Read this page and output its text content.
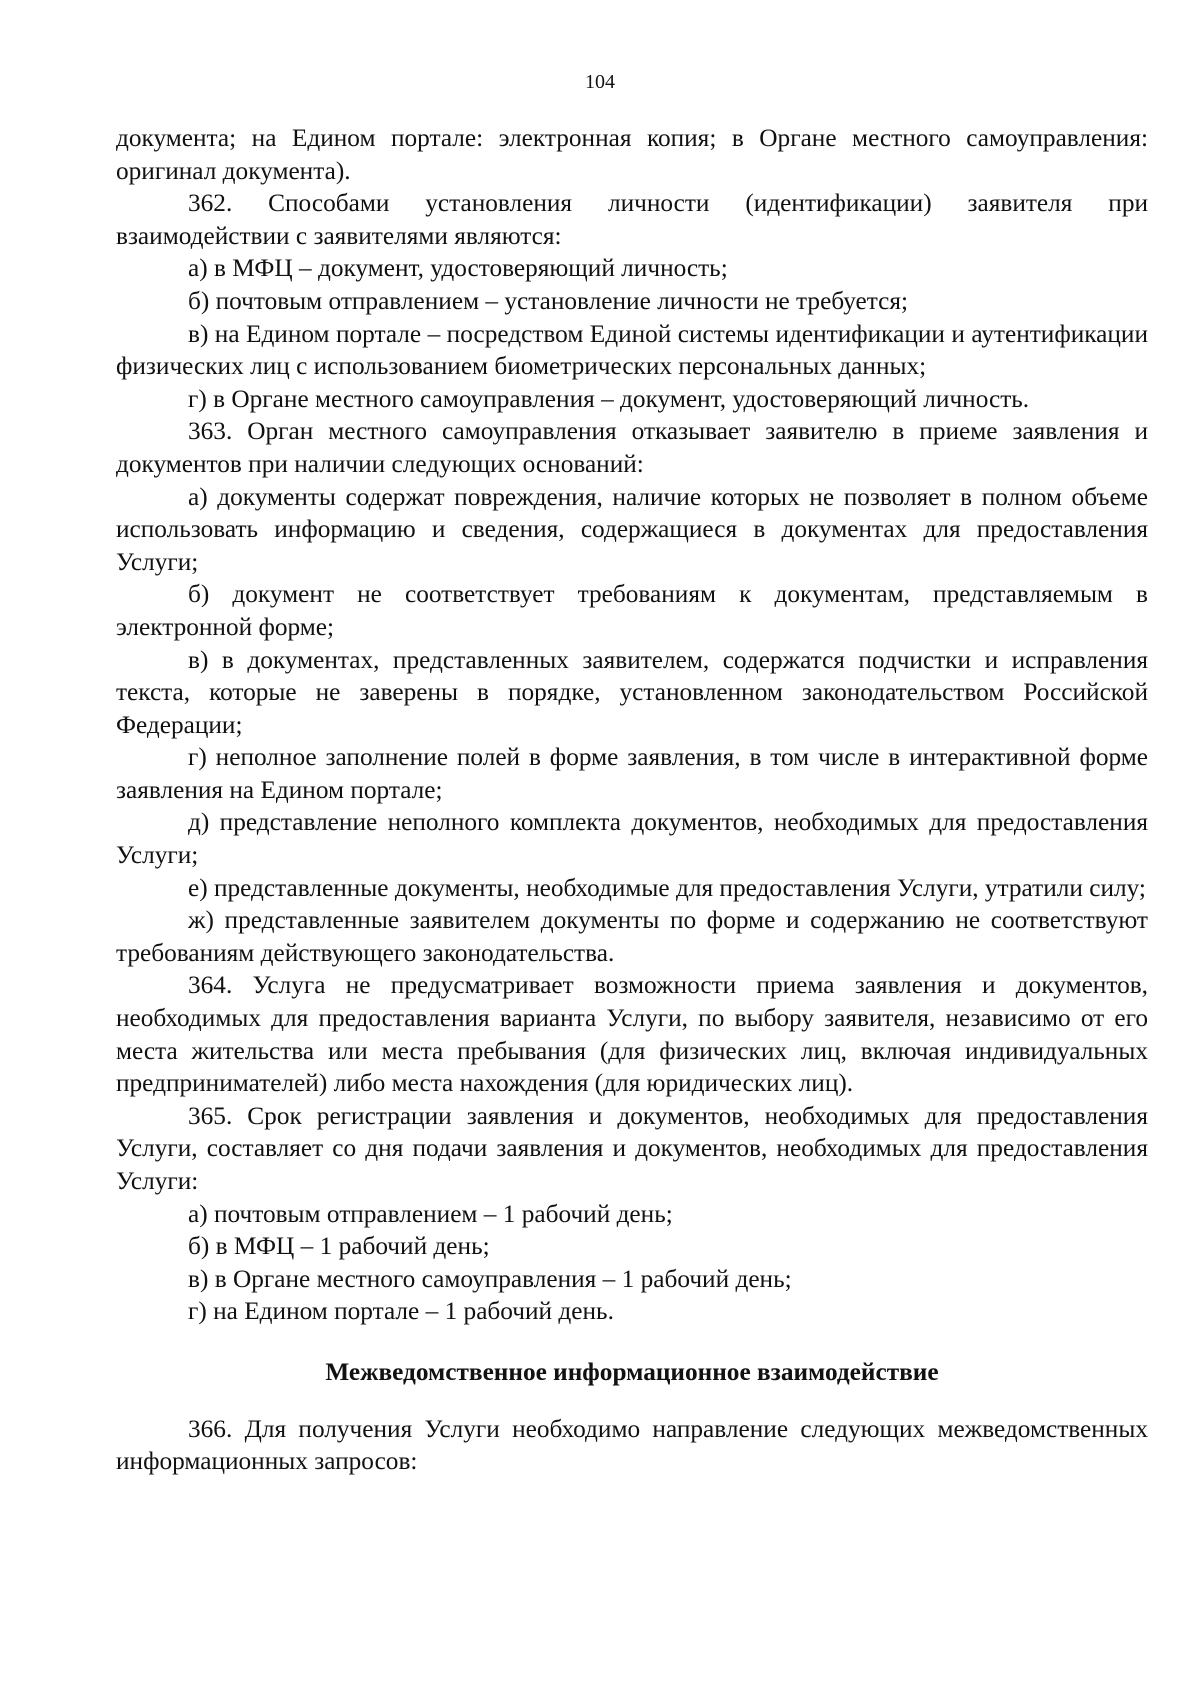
104

документа; на Едином портале: электронная копия; в Органе местного самоуправления: оригинал документа).

362. Способами установления личности (идентификации) заявителя при взаимодействии с заявителями являются:

а) в МФЦ – документ, удостоверяющий личность;

б) почтовым отправлением – установление личности не требуется;

в) на Едином портале – посредством Единой системы идентификации и аутентификации физических лиц с использованием биометрических персональных данных;

г) в Органе местного самоуправления – документ, удостоверяющий личность.

363. Орган местного самоуправления отказывает заявителю в приеме заявления и документов при наличии следующих оснований:

а) документы содержат повреждения, наличие которых не позволяет в полном объеме использовать информацию и сведения, содержащиеся в документах для предоставления Услуги;

б) документ не соответствует требованиям к документам, представляемым в электронной форме;

в) в документах, представленных заявителем, содержатся подчистки и исправления текста, которые не заверены в порядке, установленном законодательством Российской Федерации;

г) неполное заполнение полей в форме заявления, в том числе в интерактивной форме заявления на Едином портале;

д) представление неполного комплекта документов, необходимых для предоставления Услуги;

е) представленные документы, необходимые для предоставления Услуги, утратили силу;

ж) представленные заявителем документы по форме и содержанию не соответствуют требованиям действующего законодательства.

364. Услуга не предусматривает возможности приема заявления и документов, необходимых для предоставления варианта Услуги, по выбору заявителя, независимо от его места жительства или места пребывания (для физических лиц, включая индивидуальных предпринимателей) либо места нахождения (для юридических лиц).

365. Срок регистрации заявления и документов, необходимых для предоставления Услуги, составляет со дня подачи заявления и документов, необходимых для предоставления Услуги:

а) почтовым отправлением – 1 рабочий день;

б) в МФЦ – 1 рабочий день;

в) в Органе местного самоуправления – 1 рабочий день;

г) на Едином портале – 1 рабочий день.

Межведомственное информационное взаимодействие

366. Для получения Услуги необходимо направление следующих межведомственных информационных запросов:
